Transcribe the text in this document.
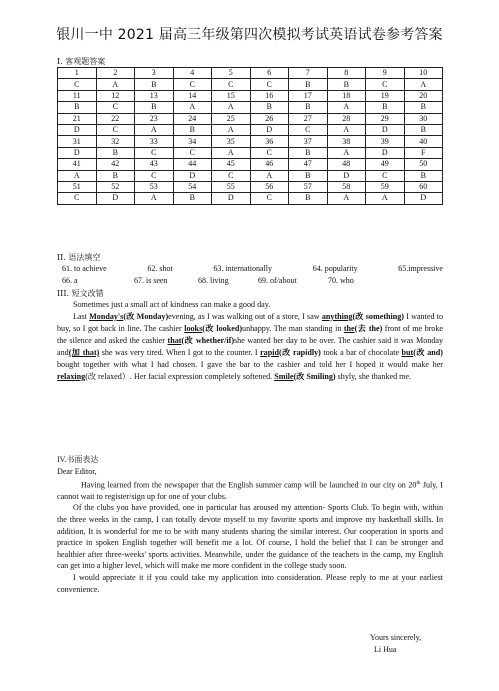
银川一中 2021 届高三年级第四次模拟考试英语试卷参考答案
I. 客观题答案
1	2	3	4	5	6	7	8	9	10
C	A	B	C	C	C	B	B	C	A
11	12	13	14	15	16	17	18	19	20
B	C	B	A	A	B	B	A	B	B
21	22	23	24	25	26	27	28	29	30
D	C	A	B	A	D	C	A	D	B
31	32	33	34	35	36	37	38	39	40
D	B	C	C	A	C	B	A	D	F
41	42	43	44	45	46	47	48	49	50
A	B	C	D	C	A	B	D	C	B
51	52	53	54	55	56	57	58	59	60
C	D	A	B	D	C	B	A	A	D
II. 语法填空
61. to achieve	62. shot	63. internationally	64. popularity	65.impressive
66. a	67. is seen	68. living	69. of/about	70. who
III. 短文改错

Sometimes just a small act of kindness can make a good day.

Last Monday's(改 Monday)evening, as I was walking out of a store, I saw anything(改 something) I wanted to buy, so I got back in line. The cashier looks(改 looked)unhappy. The man standing in the(去 the) front of me broke the silence and asked the cashier that(改 whether/if)she wanted her day to be over. The cashier said it was Monday and(加 that) she was very tired. When I got to the counter. I rapid(改 rapidly) took a bar of chocolate but(改 and) bought together with what I had chosen. I gave the bar to the cashier and told her I hoped it would make her relaxing(改 relaxed）. Her facial expression completely softened. Smile(改 Smiling) shyly, she thanked me.

IV.书面表达

Dear Editor,

Having learned from the newspaper that the English summer camp will be launched in our city on 20th July, I cannot wait to register/sign up for one of your clubs.

Of the clubs you have provided, one in particular has aroused my attention- Sports Club. To begin with, within the three weeks in the camp, I can totally devote myself to my favorite sports and improve my basketball skills. In addition, It is wonderful for me to be with many students sharing the similar interest. Our cooperation in sports and practice in spoken English together will benefit me a lot. Of course, I hold the belief that I can be stronger and healthier after three-weeks' sports activities. Meanwhile, under the guidance of the teachers in the camp, my English can get into a higher level, which will make me more confident in the college study soon.

I would appreciate it if you could take my application into consideration. Please reply to me at your earliest convenience.

Yours sincerely,
Li Hua
